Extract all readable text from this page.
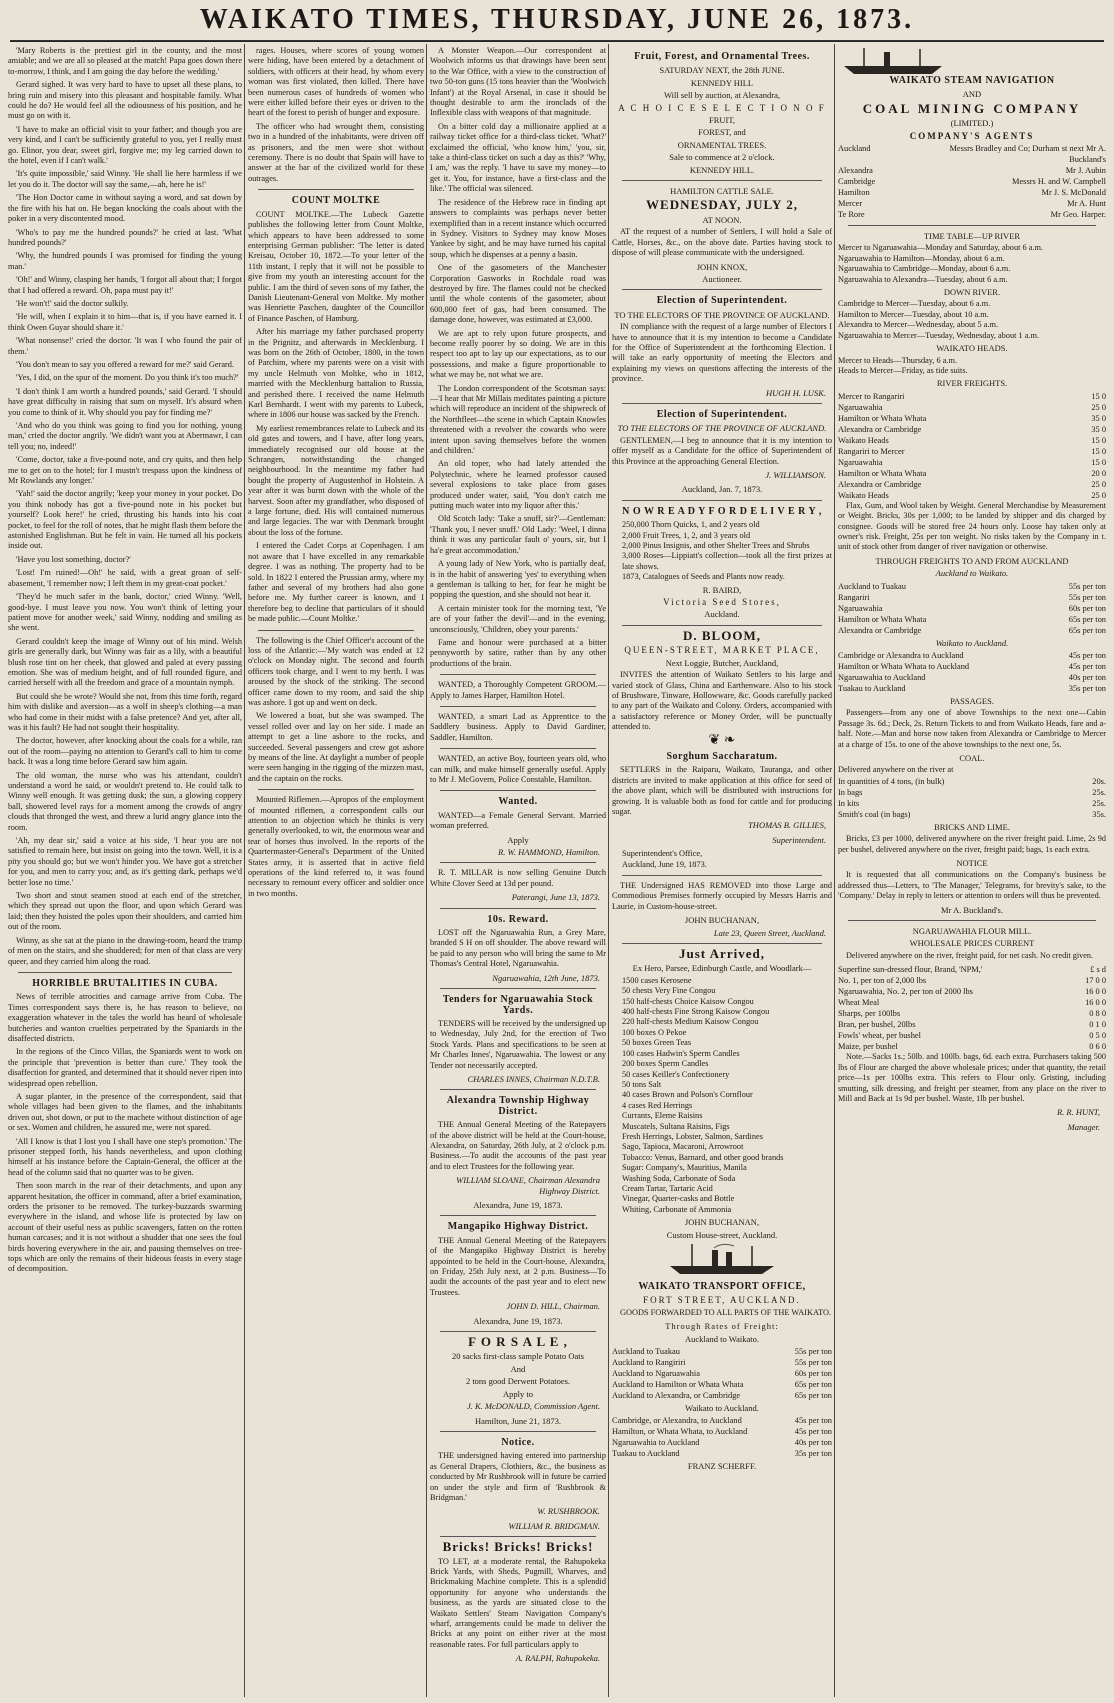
WAIKATO TIMES, THURSDAY, JUNE 26, 1873.

'Mary Roberts is the prettiest girl in the county, and the most amiable; and we are all so pleased at the match! Papa goes down there to-morrow, I think, and I am going the day before the wedding.'

Gerard sighed. It was very hard to have to upset all these plans, to bring ruin and misery into this pleasant and hospitable family. What could he do? He would feel all the odiousness of his position, and he must go on with it.

'I have to make an official visit to your father; and though you are very kind, and I can't be sufficiently grateful to you, yet I really must go. Elinor, you dear, sweet girl, forgive me; my leg carried down to the hotel, even if I can't walk.'

'It's quite impossible,' said Winny. 'He shall lie here harmless if we let you do it. The doctor will say the same,—ah, here he is!'

'The Hon Doctor came in without saying a word, and sat down by the fire with his hat on. He began knocking the coals about with the poker in a very discontented mood.

'Who's to pay me the hundred pounds?' he cried at last. 'What hundred pounds?'

'Why, the hundred pounds I was promised for finding the young man.'

'Oh!' and Winny, clasping her hands, 'I forgot all about that; I forgot that I had offered a reward. Oh, papa must pay it!'

'He won't!' said the doctor sulkily.

'He will, when I explain it to him—that is, if you have earned it. I think Owen Guyar should share it.'

'What nonsense!' cried the doctor. 'It was I who found the pair of them.'

'You don't mean to say you offered a reward for me?' said Gerard.

'Yes, I did, on the spur of the moment. Do you think it's too much?'

'I don't think I am worth a hundred pounds,' said Gerard. 'I should have great difficulty in raising that sum on myself. It's absurd when you come to think of it. Why should you pay for finding me?'

'And who do you think was going to find you for nothing, young man,' cried the doctor angrily. 'We didn't want you at Abermawr, I can tell you; no, indeed!'

'Come, doctor, take a five-pound note, and cry quits, and then help me to get on to the hotel; for I mustn't trespass upon the kindness of Mr Rowlands any longer.'

'Yah!' said the doctor angrily; 'keep your money in your pocket. Do you think nobody has got a five-pound note in his pocket but yourself? Look here!' he cried, thrusting his hands into his coat pocket, to feel for the roll of notes, that he might flash them before the astonished Englishman. But he felt in vain. He turned all his pockets inside out.

'Have you lost something, doctor?'

'Lost! I'm ruined!—Oh!' he said, with a great groan of self-abasement, 'I remember now; I left them in my great-coat pocket.'

'They'd be much safer in the bank, doctor,' cried Winny. 'Well, good-bye. I must leave you now. You won't think of letting your patient move for another week,' said Winny, nodding and smiling as she went.

Gerard couldn't keep the image of Winny out of his mind. Welsh girls are generally dark, but Winny was fair as a lily, with a beautiful blush rose tint on her cheek, that glowed and paled at every passing emotion. She was of medium height, and of full rounded figure, and carried herself with all the freedom and grace of a mountain nymph.

But could she be wrote? Would she not, from this time forth, regard him with dislike and aversion—as a wolf in sheep's clothing—a man who had come in their midst with a false pretence? And yet, after all, was it his fault? He had not sought their hospitality.

The doctor, however, after knocking about the coals for a while, ran out of the room—paying no attention to Gerard's call to him to come back. It was a long time before Gerard saw him again.

The old woman, the nurse who was his attendant, couldn't understand a word he said, or wouldn't pretend to. He could talk to Winny well enough. It was getting dusk; the sun, a glowing coppery ball, showered level rays for a moment among the crowds of angry clouds that thronged the west, and threw a lurid angry glance into the room.

'Ah, my dear sir,' said a voice at his side, 'I hear you are not satisfied to remain here, but insist on going into the town. Well, it is a pity you should go; but we won't hinder you. We have got a stretcher for you, and men to carry you; and, as it's getting dark, perhaps we'd better lose no time.'

Two short and stout seamen stood at each end of the stretcher, which they spread out upon the floor, and upon which Gerard was laid; then they hoisted the poles upon their shoulders, and carried him out of the room.

Winny, as she sat at the piano in the drawing-room, heard the tramp of men on the stairs, and she shuddered; for men of that class are very queer, and they carried him along the road.

HORRIBLE BRUTALITIES IN CUBA.

News of terrible atrocities and carnage arrive from Cuba. The Times correspondent says there is, he has reason to believe, no exaggeration whatever in the tales the world has heard of wholesale butcheries and wanton cruelties perpetrated by the Spaniards in the disaffected districts.

In the regions of the Cinco Villas, the Spaniards went to work on the principle that 'prevention is better than cure.' They took the disaffection for granted, and determined that it should never ripen into widespread open rebellion.

A sugar planter, in the presence of the correspondent, said that whole villages had been given to the flames, and the inhabitants driven out, shot down, or put to the machete without distinction of age or sex. Women and children, he assured me, were not spared.

'All I know is that I lost you I shall have one step's promotion.' The prisoner stepped forth, his hands nevertheless, and upon clothing himself at his instance before the Captain-General, the officer at the head of the column said that no quarter was to be given.

Then soon march in the rear of their detachments, and upon any apparent hesitation, the officer in command, after a brief examination, orders the prisoner to be removed. The turkey-buzzards swarming everywhere in the island, and whose life is protected by law on account of their useful ness as public scavengers, fatten on the rotten human carcases; and it is not without a shudder that one sees the foul birds hovering everywhere in the air, and pausing themselves on tree-tops which are only the remains of their hideous feasts in every stage of decomposition.

rages. Houses, where scores of young women were hiding, have been entered by a detachment of soldiers, with officers at their head, by whom every woman was first violated, then killed. There have been numerous cases of hundreds of women who were either killed before their eyes or driven to the heart of the forest to perish of hunger and exposure.

The officer who had wrought them, consisting two in a hundred of the inhabitants, were driven off as prisoners, and the men were shot without ceremony. There is no doubt that Spain will have to answer at the bar of the civilized world for these outrages.

COUNT MOLTKE

COUNT MOLTKE.—The Lubeck Gazette publishes the following letter from Count Moltke, which appears to have been addressed to some enterprising German publisher: 'The letter is dated Kreisau, October 10, 1872.—To your letter of the 11th instant, I reply that it will not be possible to give from my youth an interesting account for the public. I am the third of seven sons of my father, the Danish Lieutenant-General von Moltke. My mother was Henriette Paschen, daughter of the Councillor of Finance Paschen, of Hamburg.

After his marriage my father purchased property in the Prignitz, and afterwards in Mecklenburg. I was born on the 26th of October, 1800, in the town of Parchim, where my parents were on a visit with my uncle Helmuth von Moltke, who in 1812, married with the Mecklenburg battalion to Russia, and perished there. I received the name Helmuth Karl Bernhardt. I went with my parents to Lubeck, where in 1806 our house was sacked by the French.

My earliest remembrances relate to Lubeck and its old gates and towers, and I have, after long years, immediately recognised our old house at the Schrangen, notwithstanding the changed neighbourhood. In the meantime my father had bought the property of Augustenhof in Holstein. A year after it was burnt down with the whole of the harvest. Soon after my grandfather, who disposed of a large fortune, died. His will contained numerous and large legacies. The war with Denmark brought about the loss of the fortune.

I entered the Cadet Corps at Copenhagen. I am not aware that I have excelled in any remarkable degree. I was as nothing. The property had to be sold. In 1822 I entered the Prussian army, where my father and several of my brothers had also gone before me. My further career is known, and I therefore beg to decline that particulars of it should be made public.—Count Moltke.'

The following is the Chief Officer's account of the loss of the Atlantic:—'My watch was ended at 12 o'clock on Monday night. The second and fourth officers took charge, and I went to my berth. I was aroused by the shock of the striking. The second officer came down to my room, and said the ship was ashore. I got up and went on deck.

We lowered a boat, but she was swamped. The vessel rolled over and lay on her side. I made an attempt to get a line ashore to the rocks, and succeeded. Several passengers and crew got ashore by means of the line. At daylight a number of people were seen hanging in the rigging of the mizzen mast, and the captain on the rocks.

Mounted Riflemen.—Apropos of the employment of mounted riflemen, a correspondent calls our attention to an objection which he thinks is very generally overlooked, to wit, the enormous wear and tear of horses thus involved. In the reports of the Quartermaster-General's Department of the United States army, it is asserted that in active field operations of the kind referred to, it was found necessary to remount every officer and soldier once in two months.

A Monster Weapon.—Our correspondent at Woolwich informs us that drawings have been sent to the War Office, with a view to the construction of two 50-ton guns (15 tons heavier than the 'Woolwich Infant') at the Royal Arsenal, in case it should be thought desirable to arm the ironclads of the Inflexible class with weapons of that magnitude.

On a bitter cold day a millionaire applied at a railway ticket office for a third-class ticket. 'What?' exclaimed the official, 'who know him,' 'you, sir, take a third-class ticket on such a day as this?' 'Why, I am,' was the reply. 'I have to save my money—to get it. You, for instance, have a first-class and the like.' The official was silenced.

The residence of the Hebrew race in finding apt answers to complaints was perhaps never better exemplified than in a recent instance which occurred in Sydney. Visitors to Sydney may know Moses Yankee by sight, and he may have turned his capital soup, which he dispenses at a penny a basin.

One of the gasometers of the Manchester Corporation Gasworks in Rochdale road was destroyed by fire. The flames could not be checked until the whole contents of the gasometer, about 600,000 feet of gas, had been consumed. The damage done, however, was estimated at £3,000.

We are apt to rely upon future prospects, and become really poorer by so doing. We are in this respect too apt to lay up our expectations, as to our possessions, and make a figure proportionable to what we may be, not what we are.

The London correspondent of the Scotsman says:—'I hear that Mr Millais meditates painting a picture which will reproduce an incident of the shipwreck of the Northfleet—the scene in which Captain Knowles threatened with a revolver the cowards who were intent upon saving themselves before the women and children.'

An old toper, who had lately attended the Polytechnic, where he learned professor caused several explosions to take place from gases produced under water, said, 'You don't catch me putting much water into my liquor after this.'

Old Scotch lady: 'Take a snuff, sir?'—Gentleman: 'Thank you, I never snuff.' Old Lady: 'Weel, I dinna think it was any particular fault o' yours, sir, but I ha'e great accommodation.'

A young lady of New York, who is partially deaf, is in the habit of answering 'yes' to everything when a gentleman is talking to her, for fear he might be popping the question, and she should not hear it.

A certain minister took for the morning text, 'Ye are of your father the devil'—and in the evening, unconsciously, 'Children, obey your parents.'

Fame and honour were purchased at a bitter pennyworth by satire, rather than by any other productions of the brain.

WANTED, a Thoroughly Competent GROOM.—Apply to James Harper, Hamilton Hotel.

WANTED, a smart Lad as Apprentice to the Saddlery business. Apply to David Gardiner, Saddler, Hamilton.

WANTED, an active Boy, fourteen years old, who can milk, and make himself generally useful. Apply to Mr J. McGovern, Police Constable, Hamilton.

Wanted.

WANTED—a Female General Servant. Married woman preferred.

Apply
R. W. HAMMOND, Hamilton.

R. T. MILLAR is now selling Genuine Dutch White Clover Seed at 13d per pound.

Paterangi, June 13, 1873.
10s. Reward.

LOST off the Ngaruawahia Run, a Grey Mare, branded S H on off shoulder. The above reward will be paid to any person who will bring the same to Mr Thomas's Central Hotel, Ngaruawahia.

Ngaruawahia, 12th June, 1873.
Tenders for Ngaruawahia Stock Yards.

TENDERS will be received by the undersigned up to Wednesday, July 2nd, for the erection of Two Stock Yards. Plans and specifications to be seen at Mr Charles Innes', Ngaruawahia. The lowest or any Tender not necessarily accepted.

CHARLES INNES, Chairman N.D.T.B.
Alexandra Township Highway District.

THE Annual General Meeting of the Ratepayers of the above district will be held at the Court-house, Alexandra, on Saturday, 26th July, at 2 o'clock p.m. Business.—To audit the accounts of the past year and to elect Trustees for the following year.

WILLIAM SLOANE, Chairman Alexandra Highway District.
Alexandra, June 19, 1873.
Mangapiko Highway District.

THE Annual General Meeting of the Ratepayers of the Mangapiko Highway District is hereby appointed to be held in the Court-house, Alexandra, on Friday, 25th July next, at 2 p.m. Business—To audit the accounts of the past year and to elect new Trustees.

JOHN D. HILL, Chairman.
Alexandra, June 19, 1873.
F O R S A L E ,
20 sacks first-class sample Potato Oats
And
2 tons good Derwent Potatoes.
Apply to
J. K. McDONALD, Commission Agent.
Hamilton, June 21, 1873.
Notice.

THE undersigned having entered into partnership as General Drapers, Clothiers, &c., the business as conducted by Mr Rushbrook will in future be carried on under the style and firm of 'Rushbrook & Bridgman.'

W. RUSHBROOK.
WILLIAM R. BRIDGMAN.
Bricks! Bricks! Bricks!

TO LET, at a moderate rental, the Rahupokeka Brick Yards, with Sheds, Pugmill, Wharves, and Brickmaking Machine complete. This is a splendid opportunity for anyone who understands the business, as the yards are situated close to the Waikato Settlers' Steam Navigation Company's wharf, arrangements could be made to deliver the Bricks at any point on either river at the most reasonable rates. For full particulars apply to

A. RALPH, Rahupokeka.
Fruit, Forest, and Ornamental Trees.
SATURDAY NEXT, the 28th JUNE.
KENNEDY HILL
Will sell by auction, at Alexandra,
A C H O I C E S E L E C T I O N O F
FRUIT,
FOREST, and
ORNAMENTAL TREES.
Sale to commence at 2 o'clock.
KENNEDY HILL.
HAMILTON CATTLE SALE.
WEDNESDAY, JULY 2,
AT NOON.

AT the request of a number of Settlers, I will hold a Sale of Cattle, Horses, &c., on the above date. Parties having stock to dispose of will please communicate with the undersigned.

JOHN KNOX,
Auctioneer.
Election of Superintendent.
TO THE ELECTORS OF THE PROVINCE OF AUCKLAND.

IN compliance with the request of a large number of Electors I have to announce that it is my intention to become a Candidate for the Office of Superintendent at the forthcoming Election. I will take an early opportunity of meeting the Electors and explaining my views on questions affecting the interests of the province.

HUGH H. LUSK.
Election of Superintendent.
TO THE ELECTORS OF THE PROVINCE OF AUCKLAND.

GENTLEMEN,—I beg to announce that it is my intention to offer myself as a Candidate for the office of Superintendent of this Province at the approaching General Election.

J. WILLIAMSON.
Auckland, Jan. 7, 1873.
N O W R E A D Y F O R D E L I V E R Y ,
250,000 Thorn Quicks, 1, and 2 years old
2,000 Fruit Trees, 1, 2, and 3 years old
2,000 Pinus Insignis, and other Shelter Trees and Shrubs
3,000 Roses—Lippiatt's collection—took all the first prizes at late shows.
1873, Catalogues of Seeds and Plants now ready.
R. BAIRD,
Victoria Seed Stores,
Auckland.
D. BLOOM,
QUEEN-STREET, MARKET PLACE,
Next Loggie, Butcher, Auckland,

INVITES the attention of Waikato Settlers to his large and varied stock of Glass, China and Earthenware. Also to his stock of Brushware, Tinware, Hollowware, &c. Goods carefully packed to any part of the Waikato and Colony. Orders, accompanied with a satisfactory reference or Money Order, will be punctually attended to.

❦ ❧
Sorghum Saccharatum.

SETTLERS in the Raiparu, Waikato, Tauranga, and other districts are invited to make application at this office for seed of the above plant, which will be distributed with instructions for growing. It is valuable both as food for cattle and for producing sugar.

THOMAS B. GILLIES,
Superintendent.
Superintendent's Office,
Auckland, June 19, 1873.

THE Undersigned HAS REMOVED into those Large and Commodious Premises formerly occupied by Messrs Harris and Laurie, in Custom-house-street.

JOHN BUCHANAN,
Late 23, Queen Street, Auckland.
Just Arrived,
Ex Hero, Parsee, Edinburgh Castle, and Woodlark—
1500 cases Kerosene
50 chests Very Fine Congou
150 half-chests Choice Kaisow Congou
400 half-chests Fine Strong Kaisow Congou
220 half-chests Medium Kaisow Congou
100 boxes O Pekoe
50 boxes Green Teas
100 cases Hadwin's Sperm Candles
200 boxes Sperm Candles
50 cases Keiller's Confectionery
50 tons Salt
40 cases Brown and Polson's Cornflour
4 cases Red Herrings
Currants, Eleme Raisins
Muscatels, Sultana Raisins, Figs
Fresh Herrings, Lobster, Salmon, Sardines
Sago, Tapioca, Macaroni, Arrowroot
Tobacco: Venus, Barnard, and other good brands
Sugar: Company's, Mauritius, Manila
Washing Soda, Carbonate of Soda
Cream Tartar, Tartaric Acid
Vinegar, Quarter-casks and Bottle
Whiting, Carbonate of Ammonia
JOHN BUCHANAN,
Custom House-street, Auckland.
WAIKATO TRANSPORT OFFICE,
FORT STREET, AUCKLAND.

GOODS FORWARDED TO ALL PARTS OF THE WAIKATO.

Through Rates of Freight:
Auckland to Waikato.
Auckland to Tuakau	55s per ton
Auckland to Rangiriri	55s per ton
Auckland to Ngaruawahia	60s per ton
Auckland to Hamilton or Whata Whata	65s per ton
Auckland to Alexandra, or Cambridge	65s per ton
Waikato to Auckland.
Cambridge, or Alexandra, to Auckland	45s per ton
Hamilton, or Whata Whata, to Auckland	45s per ton
Ngaruawahia to Auckland	40s per ton
Tuakau to Auckland	35s per ton
FRANZ SCHERFF.
WAIKATO STEAM NAVIGATION
AND
COAL MINING COMPANY
(LIMITED.)
COMPANY'S AGENTS
Auckland	Messrs Bradley and Co; Durham st next Mr A. Buckland's
Alexandra	Mr J. Aubin
Cambridge	Messrs H. and W. Campbell
Hamilton	Mr J. S. McDonald
Mercer	Mr A. Hunt
Te Rore	Mr Geo. Harper.
TIME TABLE—UP RIVER
Mercer to Ngaruawahia—Monday and Saturday, about 6 a.m.
Ngaruawahia to Hamilton—Monday, about 6 a.m.
Ngaruawahia to Cambridge—Monday, about 6 a.m.
Ngaruawahia to Alexandra—Tuesday, about 6 a.m.
DOWN RIVER.
Cambridge to Mercer—Tuesday, about 6 a.m.
Hamilton to Mercer—Tuesday, about 10 a.m.
Alexandra to Mercer—Wednesday, about 5 a.m.
Ngaruawahia to Mercer—Tuesday, Wednesday, about 1 a.m.
WAIKATO HEADS.
Mercer to Heads—Thursday, 6 a.m.
Heads to Mercer—Friday, as tide suits.
RIVER FREIGHTS.
Mercer to Rangariri	15 0
Ngaruawahia	25 0
Hamilton or Whata Whata	35 0
Alexandra or Cambridge	35 0
Waikato Heads	15 0
Rangariri to Mercer	15 0
Ngaruawahia	15 0
Hamilton or Whata Whata	20 0
Alexandra or Cambridge	25 0
Waikato Heads	25 0

Flax, Gum, and Wool taken by Weight. General Merchandise by Measurement or Weight. Bricks, 30s per 1,000; to be landed by shipper and dis charged by consignee. Goods will be stored free 24 hours only. Loose hay taken only at owner's risk. Freight, 25s per ton weight. No risks taken by the Company in t. unit of stock other from danger of river navigation or otherwise.

THROUGH FREIGHTS TO AND FROM AUCKLAND
Auckland to Waikato.
Auckland to Tuakau	55s per ton
Rangariri	55s per ton
Ngaruawahia	60s per ton
Hamilton or Whata Whata	65s per ton
Alexandra or Cambridge	65s per ton
Waikato to Auckland.
Cambridge or Alexandra to Auckland	45s per ton
Hamilton or Whata Whata to Auckland	45s per ton
Ngaruawahia to Auckland	40s per ton
Tuakau to Auckland	35s per ton
PASSAGES.

Passengers—from any one of above Townships to the next one—Cabin Passage 3s. 6d.; Deck, 2s. Return Tickets to and from Waikato Heads, fare and a-half. Note.—Man and horse now taken from Alexandra or Cambridge to Mercer at a charge of 15s. to one of the above townships to the next one, 5s.

COAL.
Delivered anywhere on the river at
In quantities of 4 tons, (in bulk)	20s.
In bags	25s.
In kits	25s.
Smith's coal (in bags)	35s.
BRICKS AND LIME.

Bricks, £3 per 1000, delivered anywhere on the river freight paid. Lime, 2s 9d per bushel, delivered anywhere on the river, freight paid; bags, 1s each extra.

NOTICE

It is requested that all communications on the Company's business be addressed thus—Letters, to 'The Manager,' Telegrams, for brevity's sake, to the 'Company.' Delay in reply to letters or attention to orders will thus be prevented.

Mr A. Buckland's.
NGARUAWAHIA FLOUR MILL.
WHOLESALE PRICES CURRENT

Delivered anywhere on the river, freight paid, for net cash. No credit given.

Superfine sun-dressed flour, Brand, 'NPM,'	£ s d
No. 1, per ton of 2,000 lbs	17 0 0
Ngaruawahia, No. 2, per ton of 2000 lbs	16 0 0
Wheat Meal	16 0 0
Sharps, per 100lbs	0 8 0
Bran, per bushel, 20lbs	0 1 0
Fowls' wheat, per bushel	0 5 0
Maize, per bushel	0 6 0

Note.—Sacks 1s.; 50lb. and 100lb. bags, 6d. each extra. Purchasers taking 500 lbs of Flour are charged the above wholesale prices; under that quantity, the retail price—1s per 100lbs extra. This refers to Flour only. Gristing, including smutting, silk dressing, and freight per steamer, from any place on the river to Mill and Back at 1s 9d per bushel. Waste, 1lb per bushel.

R. R. HUNT,
Manager.
